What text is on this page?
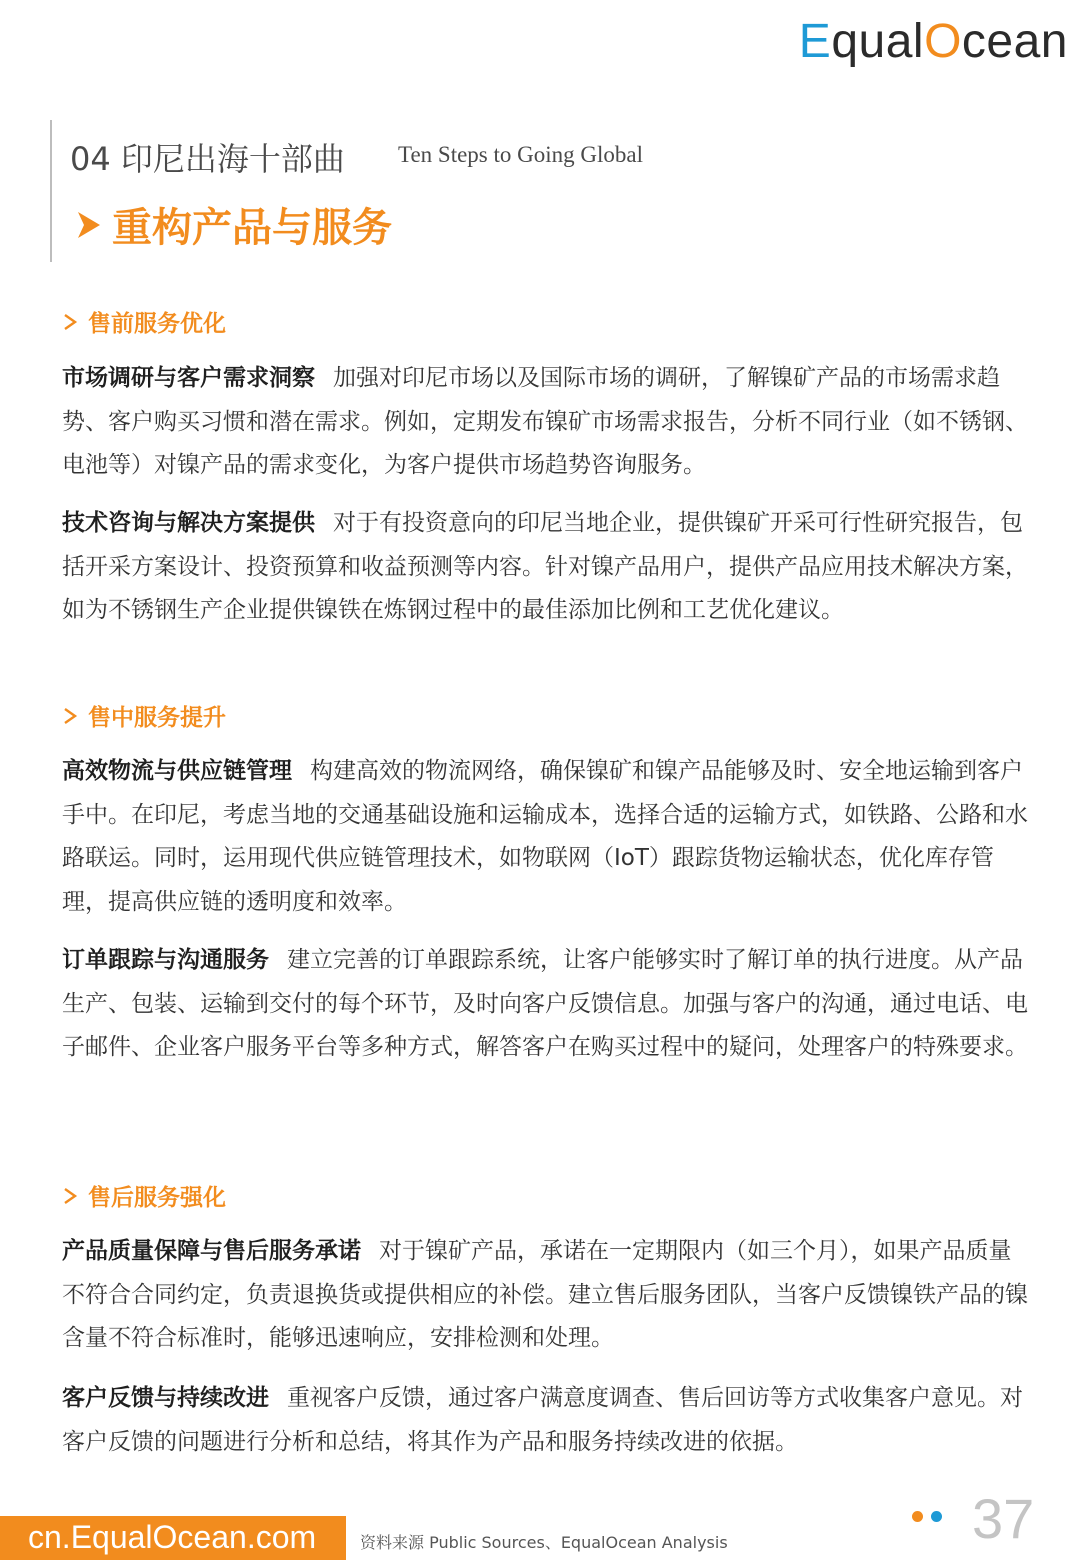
EqualOcean
04 印尼出海十部曲 Ten Steps to Going Global
重构产品与服务
售前服务优化

市场调研与客户需求洞察 加强对印尼市场以及国际市场的调研，了解镍矿产品的市场需求趋势、客户购买习惯和潜在需求。例如，定期发布镍矿市场需求报告，分析不同行业（如不锈钢、电池等）对镍产品的需求变化，为客户提供市场趋势咨询服务。

技术咨询与解决方案提供 对于有投资意向的印尼当地企业，提供镍矿开采可行性研究报告，包括开采方案设计、投资预算和收益预测等内容。针对镍产品用户，提供产品应用技术解决方案，如为不锈钢生产企业提供镍铁在炼钢过程中的最佳添加比例和工艺优化建议。

售中服务提升

高效物流与供应链管理 构建高效的物流网络，确保镍矿和镍产品能够及时、安全地运输到客户手中。在印尼，考虑当地的交通基础设施和运输成本，选择合适的运输方式，如铁路、公路和水路联运。同时，运用现代供应链管理技术，如物联网（IoT）跟踪货物运输状态，优化库存管理，提高供应链的透明度和效率。

订单跟踪与沟通服务 建立完善的订单跟踪系统，让客户能够实时了解订单的执行进度。从产品生产、包装、运输到交付的每个环节，及时向客户反馈信息。加强与客户的沟通，通过电话、电子邮件、企业客户服务平台等多种方式，解答客户在购买过程中的疑问，处理客户的特殊要求。

售后服务强化

产品质量保障与售后服务承诺 对于镍矿产品，承诺在一定期限内（如三个月），如果产品质量不符合合同约定，负责退换货或提供相应的补偿。建立售后服务团队，当客户反馈镍铁产品的镍含量不符合标准时，能够迅速响应，安排检测和处理。

客户反馈与持续改进 重视客户反馈，通过客户满意度调查、售后回访等方式收集客户意见。对客户反馈的问题进行分析和总结，将其作为产品和服务持续改进的依据。

cn.EqualOcean.com	资料来源 Public Sources、EqualOcean Analysis	37
